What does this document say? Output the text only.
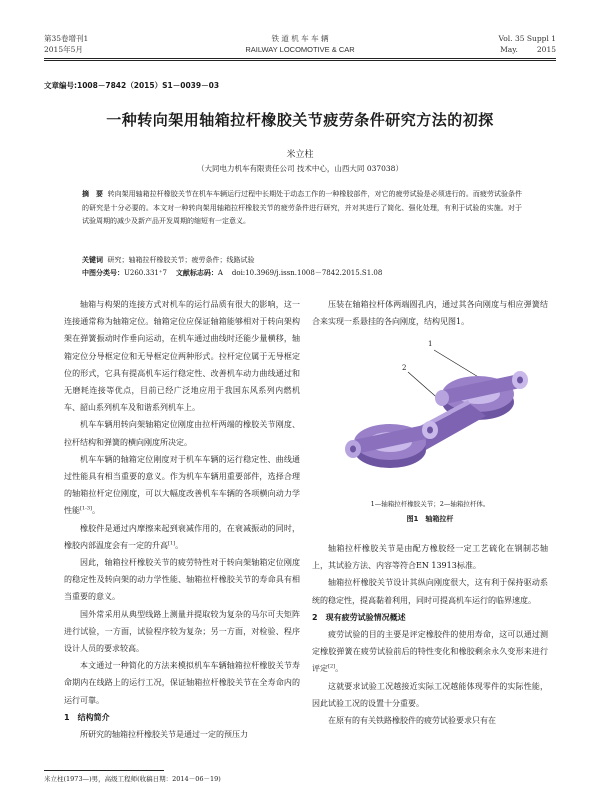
第35卷增刊1
2015年5月
铁 道 机 车 车 辆
RAILWAY LOCOMOTIVE & CAR
Vol. 35 Suppl 1
May.        2015
文章编号:1008－7842（2015）S1－0039－03
一种转向架用轴箱拉杆橡胶关节疲劳条件研究方法的初探
米立柱
（大同电力机车有限责任公司 技术中心，山西大同 037038）
摘　要 转向架用轴箱拉杆橡胶关节在机车车辆运行过程中长期处于动态工作的一种橡胶部件，对它的疲劳试验是必须进行的。而疲劳试验条件的研究是十分必要的。本文对一种转向架用轴箱拉杆橡胶关节的疲劳条件进行研究，并对其进行了简化、强化处理，有利于试验的实施。对于试验周期的减少及新产品开发周期的缩短有一定意义。
关键词 研究；轴箱拉杆橡胶关节；疲劳条件；线路试验
中图分类号：U260.331⁺7 文献标志码：A doi:10.3969/j.issn.1008－7842.2015.S1.08

轴箱与构架的连接方式对机车的运行品质有很大的影响，这一连接通常称为轴箱定位。轴箱定位应保证轴箱能够相对于转向架构架在弹簧振动时作垂向运动，在机车通过曲线时还能少量横移，轴箱定位分导框定位和无导框定位两种形式。拉杆定位属于无导框定位的形式，它具有提高机车运行稳定性、改善机车动力曲线通过和无磨耗连接等优点，目前已经广泛地应用于我国东风系列内燃机车、韶山系列机车及和谐系列机车上。

机车车辆用转向架轴箱定位刚度由拉杆两端的橡胶关节刚度、拉杆结构和弹簧的横向刚度所决定。

机车车辆的轴箱定位刚度对于机车车辆的运行稳定性、曲线通过性能具有相当重要的意义。作为机车车辆用重要部件，选择合理的轴箱拉杆定位刚度，可以大幅度改善机车车辆的各项横向动力学性能[1-3]。

橡胶件是通过内摩擦来起到衰减作用的，在衰减振动的同时，橡胶内部温度会有一定的升高[1]。

因此，轴箱拉杆橡胶关节的疲劳特性对于转向架轴箱定位刚度的稳定性及转向架的动力学性能、轴箱拉杆橡胶关节的寿命具有相当重要的意义。

国外常采用从典型线路上测量并提取较为复杂的马尔可夫矩阵进行试验，一方面，试验程序较为复杂；另一方面，对检验、程序设计人员的要求较高。

本文通过一种简化的方法来模拟机车车辆轴箱拉杆橡胶关节寿命期内在线路上的运行工况，保证轴箱拉杆橡胶关节在全寿命内的运行可靠。

1　结构简介

所研究的轴箱拉杆橡胶关节是通过一定的预压力

压装在轴箱拉杆体两端圆孔内，通过其各向刚度与相应弹簧结合来实现一系悬挂的各向刚度，结构见图1。

1
2
1—轴箱拉杆橡胶关节；2—轴箱拉杆体。
图1　轴箱拉杆

轴箱拉杆橡胶关节是由配方橡胶经一定工艺硫化在钢制芯轴上，其试验方法、内容等符合EN 13913标准。

轴箱拉杆橡胶关节设计其纵向刚度很大，这有利于保持驱动系统的稳定性，提高黏着利用，同时可提高机车运行的临界速度。

2　现有疲劳试验情况概述

疲劳试验的目的主要是评定橡胶件的使用寿命，这可以通过测定橡胶弹簧在疲劳试验前后的特性变化和橡胶剩余永久变形来进行评定[2]。

这就要求试验工况越接近实际工况越能体现零件的实际性能，因此试验工况的设置十分重要。

在原有的有关铁路橡胶件的疲劳试验要求只有在

米立柱(1973—)男，高级工程师(收稿日期：2014－06－19)
